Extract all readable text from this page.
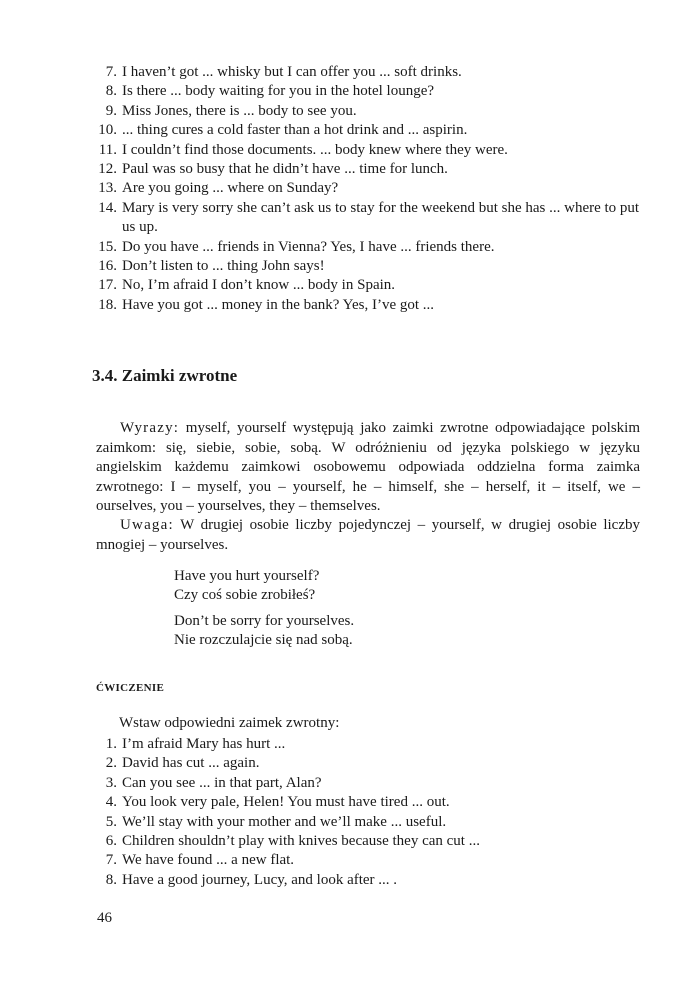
7. I haven’t got ... whisky but I can offer you ... soft drinks.
8. Is there ... body waiting for you in the hotel lounge?
9. Miss Jones, there is ... body to see you.
10. ... thing cures a cold faster than a hot drink and ... aspirin.
11. I couldn’t find those documents. ... body knew where they were.
12. Paul was so busy that he didn’t have ... time for lunch.
13. Are you going ... where on Sunday?
14. Mary is very sorry she can’t ask us to stay for the weekend but she has ... where to put us up.
15. Do you have ... friends in Vienna? Yes, I have ... friends there.
16. Don’t listen to ... thing John says!
17. No, I’m afraid I don’t know ... body in Spain.
18. Have you got ... money in the bank? Yes, I’ve got ...
3.4. Zaimki zwrotne

Wyrazy: myself, yourself występują jako zaimki zwrotne odpowiadające polskim zaimkom: się, siebie, sobie, sobą. W odróżnieniu od języka polskiego w języku angielskim każdemu zaimkowi osobowemu odpowiada oddzielna forma zaimka zwrotnego: I – myself, you – yourself, he – himself, she – herself, it – itself, we – ourselves, you – yourselves, they – themselves.

Uwaga: W drugiej osobie liczby pojedynczej – yourself, w drugiej osobie liczby mnogiej – yourselves.

Have you hurt yourself?
Czy coś sobie zrobiłeś?
Don’t be sorry for yourselves.
Nie rozczulajcie się nad sobą.

ĆWICZENIE

Wstaw odpowiedni zaimek zwrotny:

1. I’m afraid Mary has hurt ...
2. David has cut ... again.
3. Can you see ... in that part, Alan?
4. You look very pale, Helen! You must have tired ... out.
5. We’ll stay with your mother and we’ll make ... useful.
6. Children shouldn’t play with knives because they can cut ...
7. We have found ... a new flat.
8. Have a good journey, Lucy, and look after ... .

46
